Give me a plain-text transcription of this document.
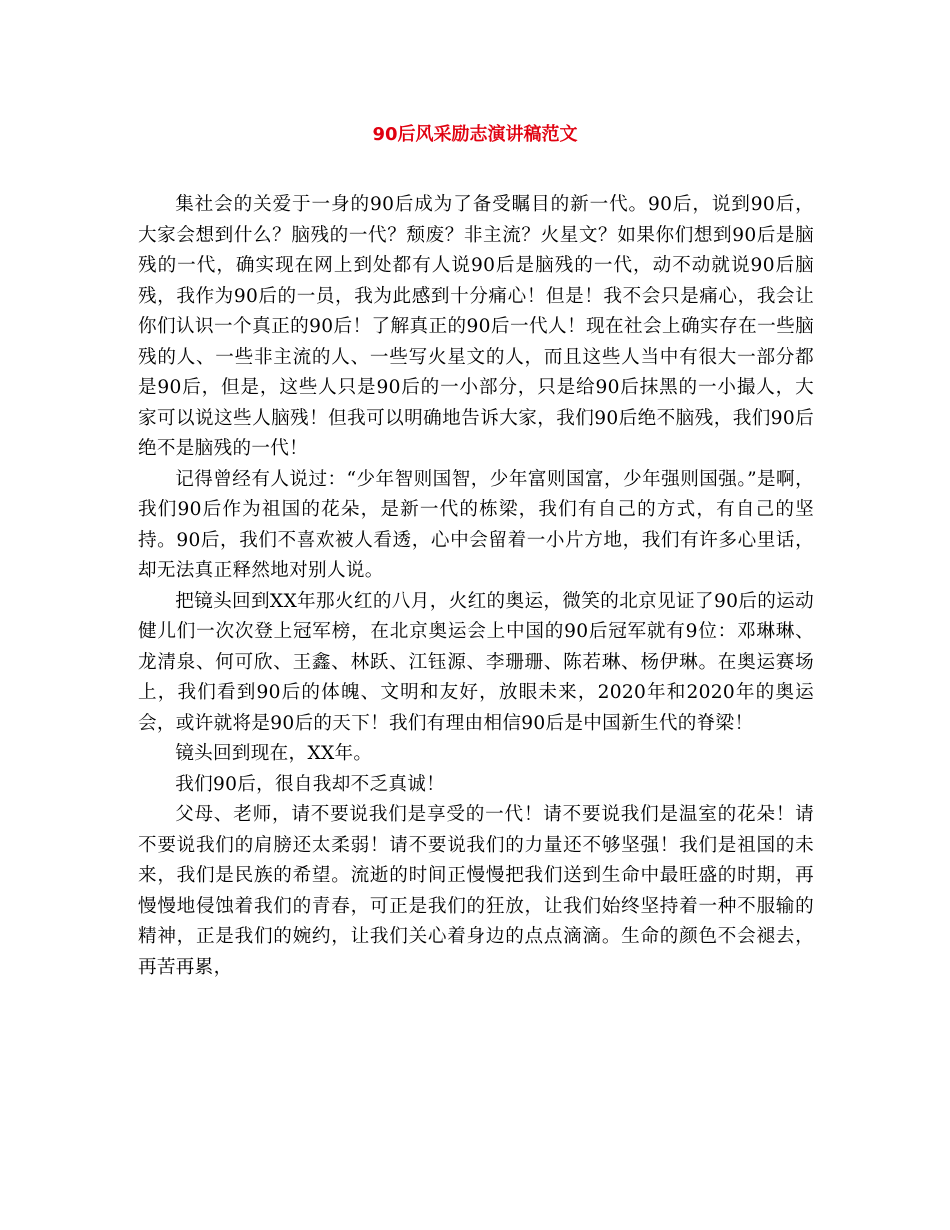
90后风采励志演讲稿范文

集社会的关爱于一身的90后成为了备受瞩目的新一代。90后，说到90后，大家会想到什么？脑残的一代？颓废？非主流？火星文？如果你们想到90后是脑残的一代，确实现在网上到处都有人说90后是脑残的一代，动不动就说90后脑残，我作为90后的一员，我为此感到十分痛心！但是！我不会只是痛心，我会让你们认识一个真正的90后！了解真正的90后一代人！现在社会上确实存在一些脑残的人、一些非主流的人、一些写火星文的人，而且这些人当中有很大一部分都是90后，但是，这些人只是90后的一小部分，只是给90后抹黑的一小撮人，大家可以说这些人脑残！但我可以明确地告诉大家，我们90后绝不脑残，我们90后绝不是脑残的一代！

记得曾经有人说过：“少年智则国智，少年富则国富，少年强则国强。”是啊，我们90后作为祖国的花朵，是新一代的栋梁，我们有自己的方式，有自己的坚持。90后，我们不喜欢被人看透，心中会留着一小片方地，我们有许多心里话，却无法真正释然地对别人说。

把镜头回到XX年那火红的八月，火红的奥运，微笑的北京见证了90后的运动健儿们一次次登上冠军榜，在北京奥运会上中国的90后冠军就有9位：邓琳琳、龙清泉、何可欣、王鑫、林跃、江钰源、李珊珊、陈若琳、杨伊琳。在奥运赛场上，我们看到90后的体魄、文明和友好，放眼未来，2020年和2020年的奥运会，或许就将是90后的天下！我们有理由相信90后是中国新生代的脊梁！

镜头回到现在，XX年。

我们90后，很自我却不乏真诚！

父母、老师，请不要说我们是享受的一代！请不要说我们是温室的花朵！请不要说我们的肩膀还太柔弱！请不要说我们的力量还不够坚强！我们是祖国的未来，我们是民族的希望。流逝的时间正慢慢把我们送到生命中最旺盛的时期，再慢慢地侵蚀着我们的青春，可正是我们的狂放，让我们始终坚持着一种不服输的精神，正是我们的婉约，让我们关心着身边的点点滴滴。生命的颜色不会褪去，再苦再累，
